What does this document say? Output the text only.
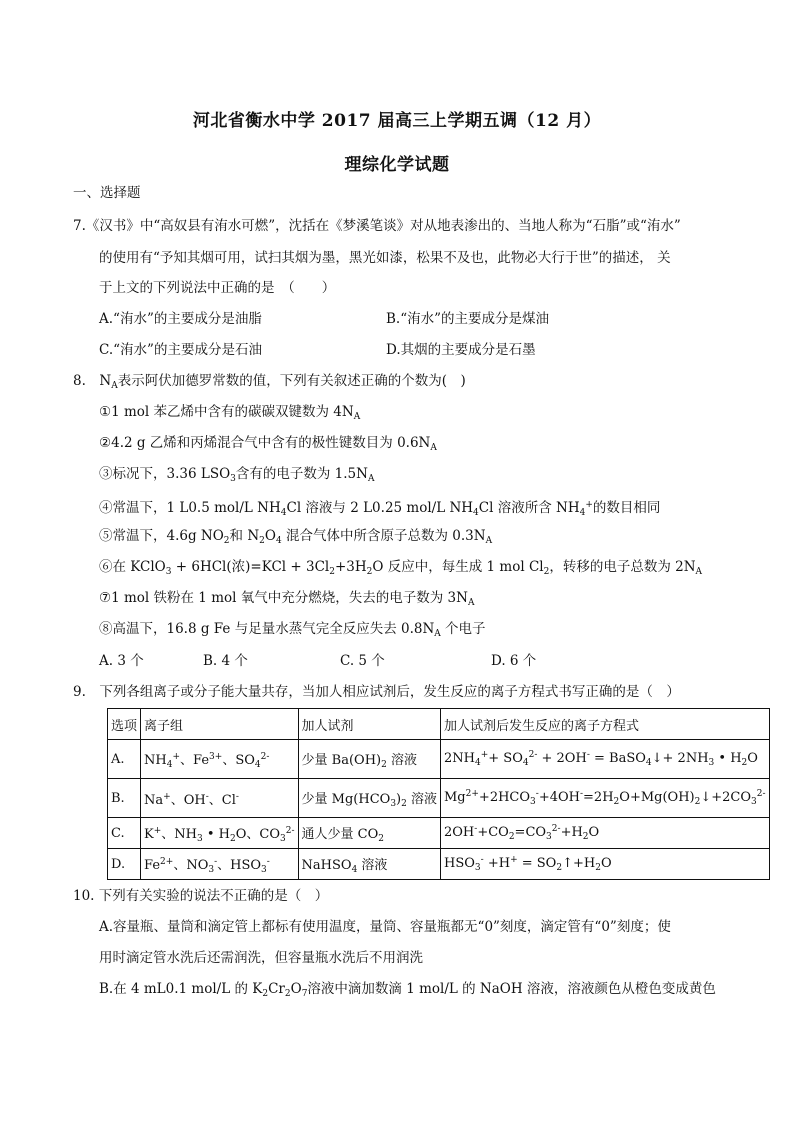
河北省衡水中学 2017 届高三上学期五调（12 月）
理综化学试题
一、选择题
7.《汉书》中“高奴县有洧水可燃”，沈括在《梦溪笔谈》对从地表渗出的、当地人称为“石脂”或“洧水”
的使用有“予知其烟可用，试扫其烟为墨，黑光如漆，松果不及也，此物必大行于世”的描述， 关
于上文的下列说法中正确的是　（　　）
A.“洧水”的主要成分是油脂	B.“洧水”的主要成分是煤油
C.“洧水”的主要成分是石油	D.其烟的主要成分是石墨
8.　 $N_A$表示阿伏加德罗常数的值，下列有关叙述正确的个数为(　)
①1 mol 苯乙烯中含有的碳碳双键数为 $4N_A$
②4.2 g 乙烯和丙烯混合气中含有的极性键数目为 $0.6N_A$
③标况下，3.36 $LSO_3$含有的电子数为 $1.5N_A$
④常温下，1 L0.5 mol/L $NH_4Cl$ 溶液与 2 L0.25 mol/L $NH_4Cl$ 溶液所含 $NH_4^+$的数目相同
⑤常温下，4.6g $NO_2$和 $N_2O_4$ 混合气体中所含原子总数为 $0.3N_A$
⑥在 KClO$_3$ + 6HCl(浓)$=KCl + 3Cl_2+3H_2O$ 反应中，每生成 1 mol $Cl_2$，转移的电子总数为 $2N_A$
⑦1 mol 铁粉在 1 mol 氧气中充分燃烧，失去的电子数为 $3N_A$
⑧高温下，16.8 g Fe 与足量水蒸气完全反应失去 $0.8N_A$ 个电子
A. 3 个	B. 4 个	C. 5 个	D. 6 个
9.　下列各组离子或分子能大量共存，当加人相应试剂后，发生反应的离子方程式书写正确的是（　）
选项	离子组	加人试剂	加人试剂后发生反应的离子方程式
A.	$NH_4^+$、$Fe^{3+}$、$SO_4^{2-}$	少量 $Ba(OH)_2$ 溶液	$2NH_4^++ SO_4^{2-} + 2OH^-$ = BaSO$_4$↓+ $2NH_3$ • $H_2O$
B.	Na+、OH-、Cl-	少量 $Mg(HCO_3)_2$ 溶液	$Mg^{2+}+2HCO_3^-+4OH^-=2H_2O+Mg(OH)_2↓+2CO_3^{2-}$
C.	K+、$NH_3$ • $H_2O$、$CO_3^{2-}$	通人少量 $CO_2$	$2OH^-+CO_2=CO_3^{2-}+H_2O$
D.	$Fe^{2+}$、$NO_3^-$、$HSO_3^-$	NaHSO$_4$ 溶液	$HSO_3^- +H^+$ = $SO_2↑+H_2O$
10. 下列有关实验的说法不正确的是（　）
A.容量瓶、量筒和滴定管上都标有使用温度，量筒、容量瓶都无“0”刻度，滴定管有“0”刻度；使
用时滴定管水洗后还需润洗，但容量瓶水洗后不用润洗
B.在 4 mL0.1 mol/L 的 $K_2Cr_2O_7$溶液中滴加数滴 1 mol/L 的 NaOH 溶液，溶液颜色从橙色变成黄色
